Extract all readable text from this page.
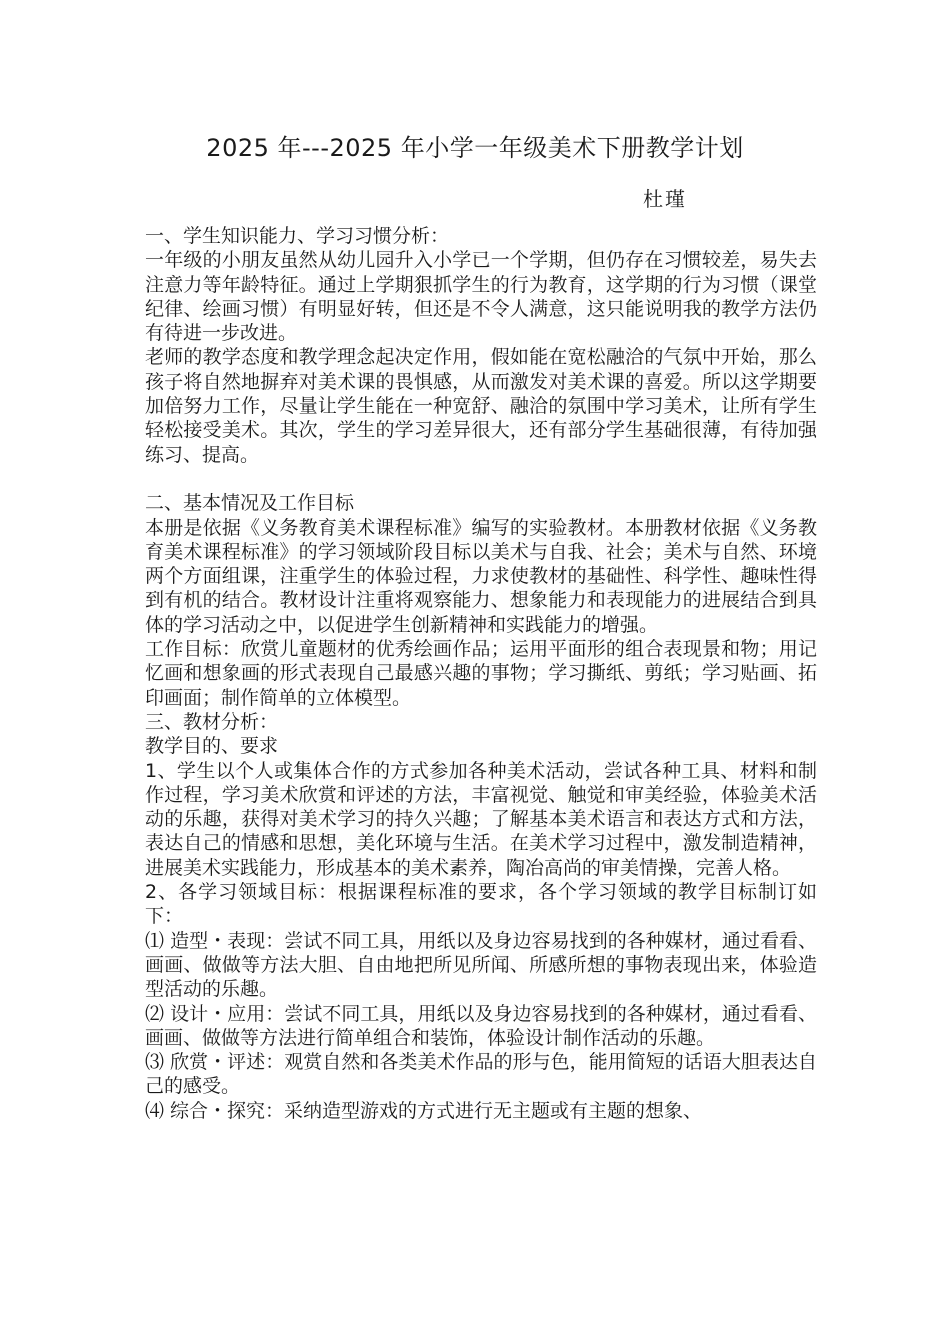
2025 年---2025 年小学一年级美术下册教学计划
杜瑾

一、学生知识能力、学习习惯分析：

一年级的小朋友虽然从幼儿园升入小学已一个学期，但仍存在习惯较差，易失去注意力等年龄特征。通过上学期狠抓学生的行为教育，这学期的行为习惯（课堂纪律、绘画习惯）有明显好转，但还是不令人满意，这只能说明我的教学方法仍有待进一步改进。

老师的教学态度和教学理念起决定作用，假如能在宽松融洽的气氛中开始，那么孩子将自然地摒弃对美术课的畏惧感，从而激发对美术课的喜爱。所以这学期要加倍努力工作，尽量让学生能在一种宽舒、融洽的氛围中学习美术，让所有学生轻松接受美术。其次，学生的学习差异很大，还有部分学生基础很薄，有待加强练习、提高。

二、基本情况及工作目标

本册是依据《义务教育美术课程标准》编写的实验教材。本册教材依据《义务教育美术课程标准》的学习领域阶段目标以美术与自我、社会；美术与自然、环境两个方面组课，注重学生的体验过程，力求使教材的基础性、科学性、趣味性得到有机的结合。教材设计注重将观察能力、想象能力和表现能力的进展结合到具体的学习活动之中，以促进学生创新精神和实践能力的增强。

工作目标：欣赏儿童题材的优秀绘画作品；运用平面形的组合表现景和物；用记忆画和想象画的形式表现自己最感兴趣的事物；学习撕纸、剪纸；学习贴画、拓印画面；制作简单的立体模型。

三、教材分析：

教学目的、要求

1、学生以个人或集体合作的方式参加各种美术活动，尝试各种工具、材料和制作过程，学习美术欣赏和评述的方法，丰富视觉、触觉和审美经验，体验美术活动的乐趣，获得对美术学习的持久兴趣；了解基本美术语言和表达方式和方法，表达自己的情感和思想，美化环境与生活。在美术学习过程中，激发制造精神，进展美术实践能力，形成基本的美术素养，陶冶高尚的审美情操，完善人格。

2、各学习领域目标：根据课程标准的要求，各个学习领域的教学目标制订如下：

⑴ 造型・表现：尝试不同工具，用纸以及身边容易找到的各种媒材，通过看看、画画、做做等方法大胆、自由地把所见所闻、所感所想的事物表现出来，体验造型活动的乐趣。

⑵ 设计・应用：尝试不同工具，用纸以及身边容易找到的各种媒材，通过看看、画画、做做等方法进行简单组合和装饰，体验设计制作活动的乐趣。

⑶ 欣赏・评述：观赏自然和各类美术作品的形与色，能用简短的话语大胆表达自己的感受。

⑷ 综合・探究：采纳造型游戏的方式进行无主题或有主题的想象、
